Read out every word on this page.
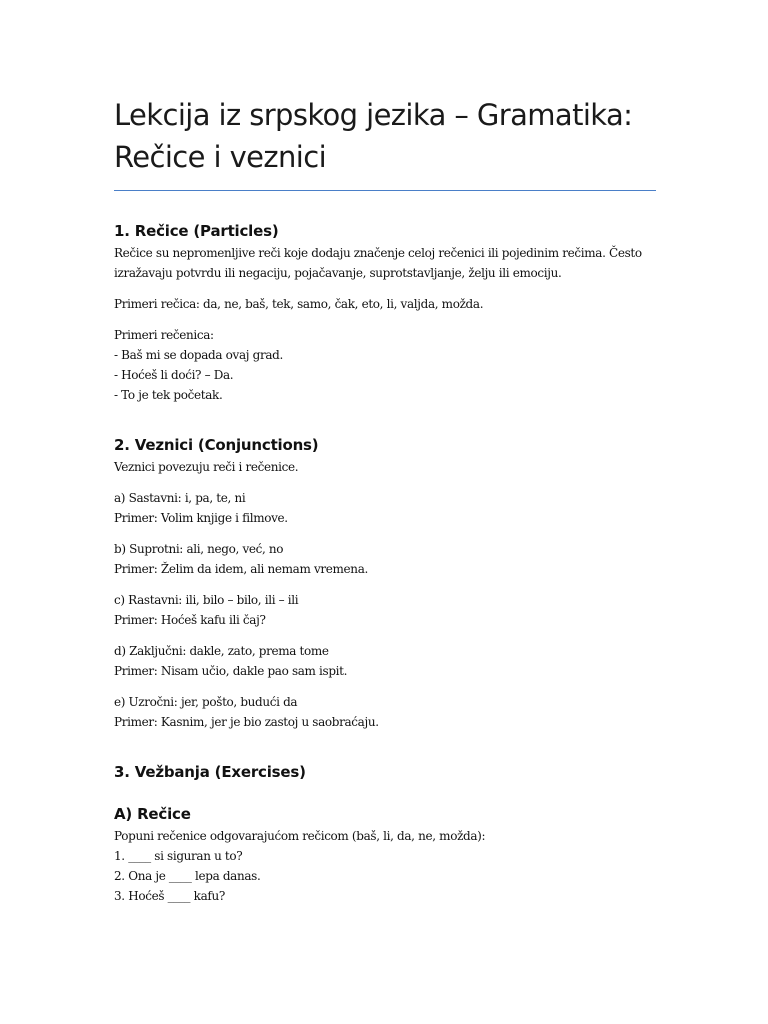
Lekcija iz srpskog jezika – Gramatika: Rečice i veznici
1. Rečice (Particles)

Rečice su nepromenljive reči koje dodaju značenje celoj rečenici ili pojedinim rečima. Često
izražavaju potvrdu ili negaciju, pojačavanje, suprotstavljanje, želju ili emociju.

Primeri rečica: da, ne, baš, tek, samo, čak, eto, li, valjda, možda.

Primeri rečenica:
- Baš mi se dopada ovaj grad.
- Hoćeš li doći? – Da.
- To je tek početak.

2. Veznici (Conjunctions)

Veznici povezuju reči i rečenice.

a) Sastavni: i, pa, te, ni
Primer: Volim knjige i filmove.

b) Suprotni: ali, nego, već, no
Primer: Želim da idem, ali nemam vremena.

c) Rastavni: ili, bilo – bilo, ili – ili
Primer: Hoćeš kafu ili čaj?

d) Zaključni: dakle, zato, prema tome
Primer: Nisam učio, dakle pao sam ispit.

e) Uzročni: jer, pošto, budući da
Primer: Kasnim, jer je bio zastoj u saobraćaju.

3. Vežbanja (Exercises)
A) Rečice

Popuni rečenice odgovarajućom rečicom (baš, li, da, ne, možda):
1. ____ si siguran u to?
2. Ona je ____ lepa danas.
3. Hoćeš ____ kafu?
